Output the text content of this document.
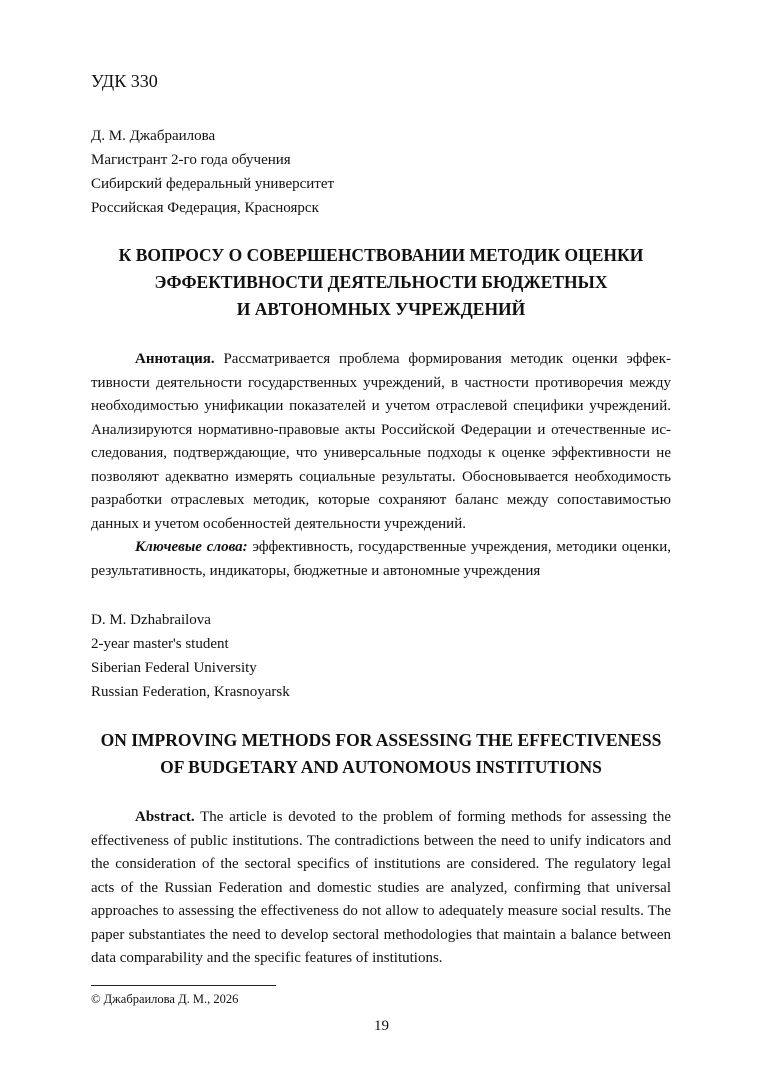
УДК 330
Д. М. Джабраилова
Магистрант 2-го года обучения
Сибирский федеральный университет
Российская Федерация, Красноярск
К ВОПРОСУ О СОВЕРШЕНСТВОВАНИИ МЕТОДИК ОЦЕНКИ
ЭФФЕКТИВНОСТИ ДЕЯТЕЛЬНОСТИ БЮДЖЕТНЫХ
И АВТОНОМНЫХ УЧРЕЖДЕНИЙ

Аннотация. Рассматривается проблема формирования методик оценки эффективности деятельности государственных учреждений, в частности противоречия между необходимостью унификации показателей и учетом отраслевой специфики учреждений. Анализируются нормативно-правовые акты Российской Федерации и отечественные исследования, подтверждающие, что универсальные подходы к оценке эффективности не позволяют адекватно измерять социальные результаты. Обосновывается необходимость разработки отраслевых методик, которые сохраняют баланс между сопоставимостью данных и учетом особенностей деятельности учреждений.

Ключевые слова: эффективность, государственные учреждения, методики оценки, результативность, индикаторы, бюджетные и автономные учреждения

D. M. Dzhabrailova
2-year master's student
Siberian Federal University
Russian Federation, Krasnoyarsk
ON IMPROVING METHODS FOR ASSESSING THE EFFECTIVENESS
OF BUDGETARY AND AUTONOMOUS INSTITUTIONS

Abstract. The article is devoted to the problem of forming methods for assessing the effectiveness of public institutions. The contradictions between the need to unify indicators and the consideration of the sectoral specifics of institutions are considered. The regulatory legal acts of the Russian Federation and domestic studies are analyzed, confirming that universal approaches to assessing the effectiveness do not allow to adequately measure social results. The paper substantiates the need to develop sectoral methodologies that maintain a balance between data comparability and the specific features of institutions.

© Джабраилова Д. М., 2026
19
